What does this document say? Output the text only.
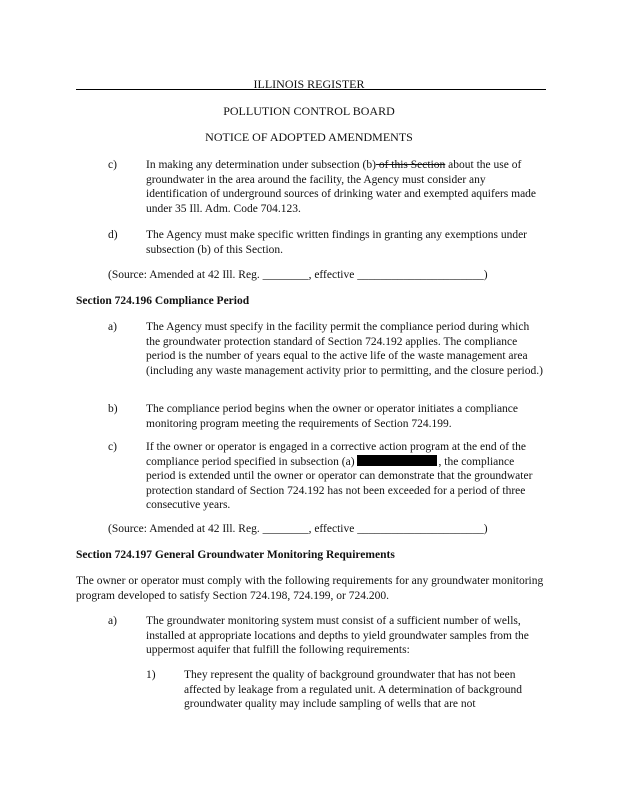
ILLINOIS REGISTER
POLLUTION CONTROL BOARD
NOTICE OF ADOPTED AMENDMENTS
c)	In making any determination under subsection (b) of this Section about the use of groundwater in the area around the facility, the Agency must consider any identification of underground sources of drinking water and exempted aquifers made under 35 Ill. Adm. Code 704.123.
d) The Agency must make specific written findings in granting any exemptions under subsection (b) of this Section.
(Source: Amended at 42 Ill. Reg. ________, effective ______________________)
Section 724.196 Compliance Period
a)	The Agency must specify in the facility permit the compliance period during which the groundwater protection standard of Section 724.192 applies. The compliance period is the number of years equal to the active life of the waste management area (including any waste management activity prior to permitting, and the closure period.)
b) The compliance period begins when the owner or operator initiates a compliance monitoring program meeting the requirements of Section 724.199.
c)	If the owner or operator is engaged in a corrective action program at the end of the compliance period specified in subsection (a)	, the compliance period is extended until the owner or operator can demonstrate that the groundwater protection standard of Section 724.192 has not been exceeded for a period of three consecutive years.
(Source: Amended at 42 Ill. Reg. ________, effective ______________________)
Section 724.197 General Groundwater Monitoring Requirements
The owner or operator must comply with the following requirements for any groundwater monitoring program developed to satisfy Section 724.198, 724.199, or 724.200.
a)	The groundwater monitoring system must consist of a sufficient number of wells, installed at appropriate locations and depths to yield groundwater samples from the uppermost aquifer that fulfill the following requirements:
1) They represent the quality of background groundwater that has not been affected by leakage from a regulated unit. A determination of background groundwater quality may include sampling of wells that are not
